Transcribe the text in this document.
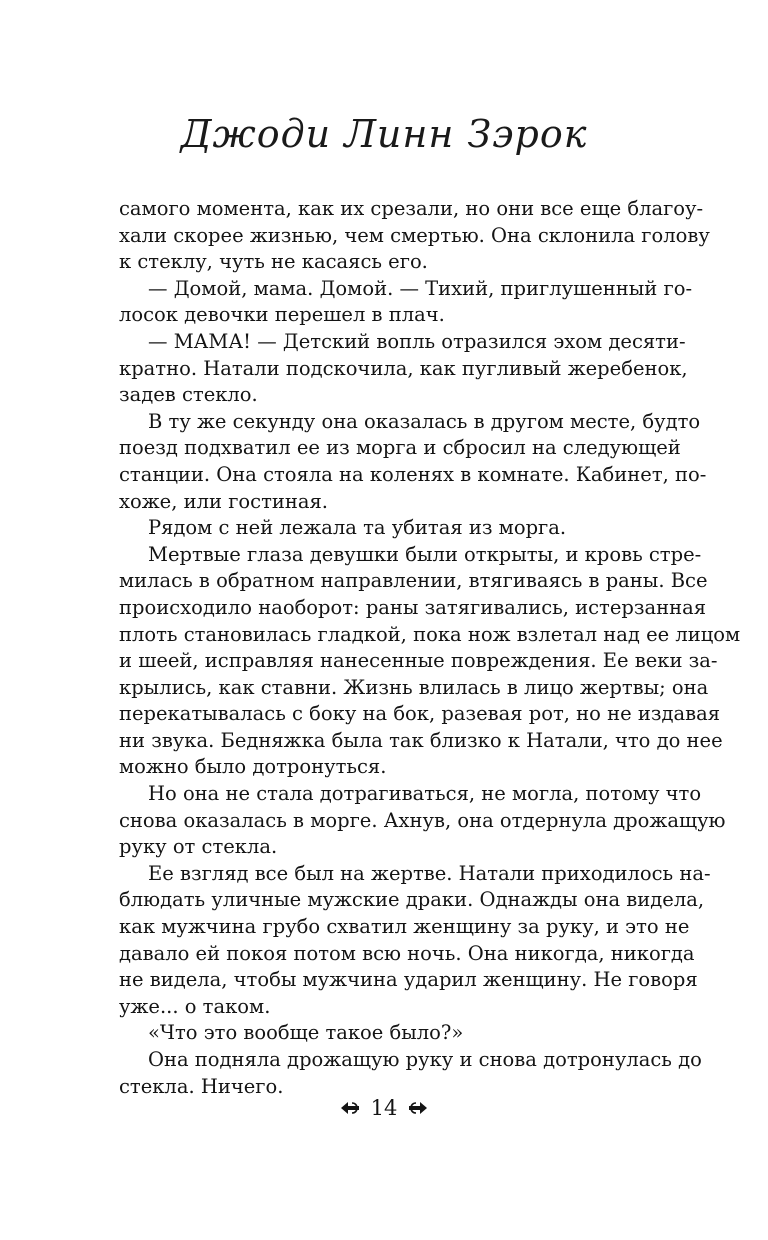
Джоди Линн Зэрок
самого момента, как их срезали, но они все еще благоу-
хали скорее жизнью, чем смертью. Она склонила голову
к стеклу, чуть не касаясь его.
— Домой, мама. Домой. — Тихий, приглушенный го-
лосок девочки перешел в плач.
— МАМА! — Детский вопль отразился эхом десяти-
кратно. Натали подскочила, как пугливый жеребенок,
задев стекло.
В ту же секунду она оказалась в другом месте, будто
поезд подхватил ее из морга и сбросил на следующей
станции. Она стояла на коленях в комнате. Кабинет, по-
хоже, или гостиная.
Рядом с ней лежала та убитая из морга.
Мертвые глаза девушки были открыты, и кровь стре-
милась в обратном направлении, втягиваясь в раны. Все
происходило наоборот: раны затягивались, истерзанная
плоть становилась гладкой, пока нож взлетал над ее лицом
и шеей, исправляя нанесенные повреждения. Ее веки за-
крылись, как ставни. Жизнь влилась в лицо жертвы; она
перекатывалась с боку на бок, разевая рот, но не издавая
ни звука. Бедняжка была так близко к Натали, что до нее
можно было дотронуться.
Но она не стала дотрагиваться, не могла, потому что
снова оказалась в морге. Ахнув, она отдернула дрожащую
руку от стекла.
Ее взгляд все был на жертве. Натали приходилось на-
блюдать уличные мужские драки. Однажды она видела,
как мужчина грубо схватил женщину за руку, и это не
давало ей покоя потом всю ночь. Она никогда, никогда
не видела, чтобы мужчина ударил женщину. Не говоря
уже... о таком.
«Что это вообще такое было?»
Она подняла дрожащую руку и снова дотронулась до
стекла. Ничего.
14
